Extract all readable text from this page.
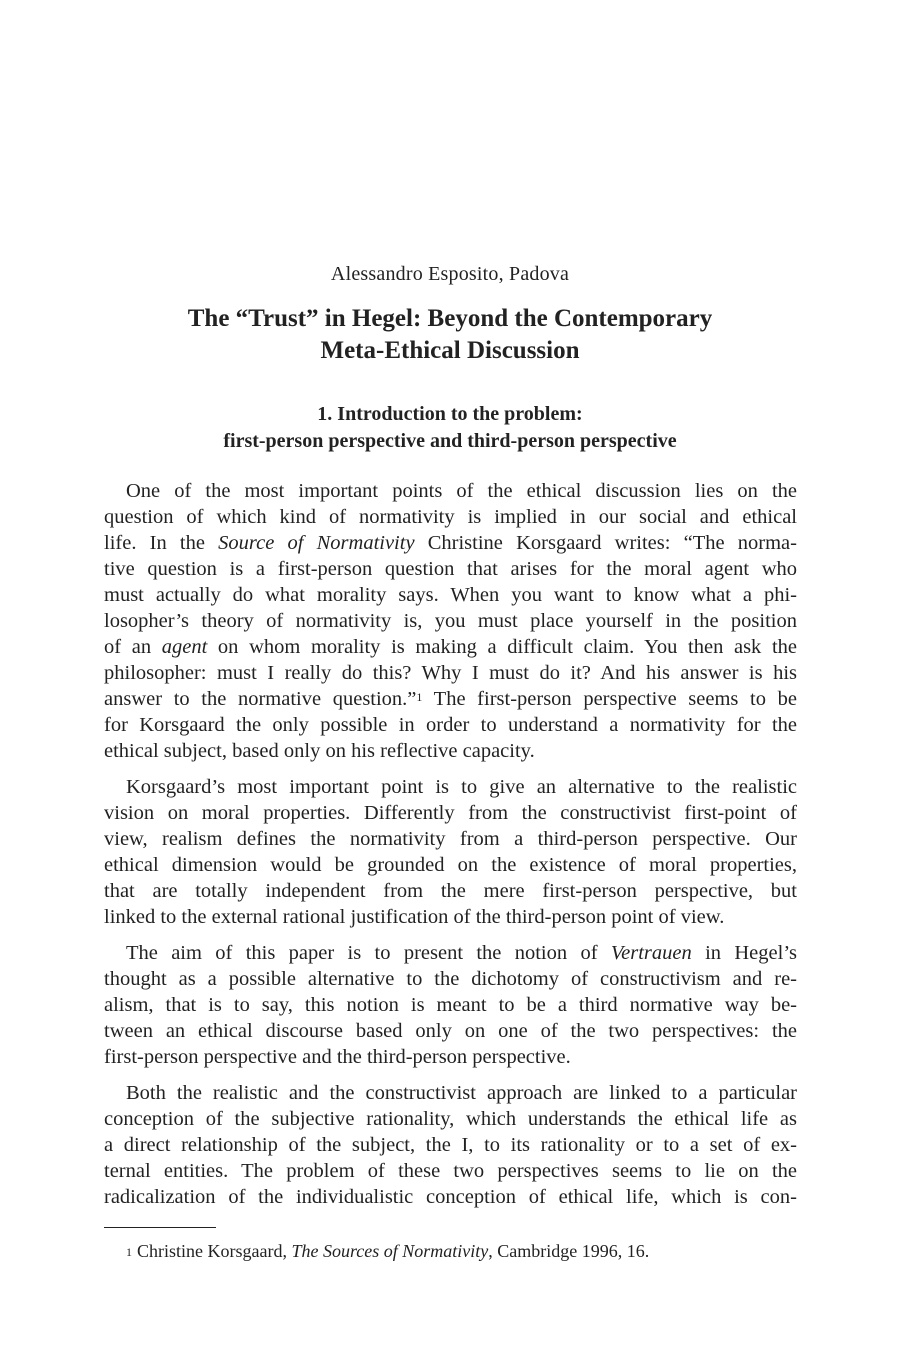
Alessandro Esposito, Padova
The “Trust” in Hegel: Beyond the Contemporary
Meta-Ethical Discussion
1. Introduction to the problem:
first-person perspective and third-person perspective
One of the most important points of the ethical discussion lies on the
question of which kind of normativity is implied in our social and ethical
life. In the Source of Normativity Christine Korsgaard writes: “The norma-
tive question is a first-person question that arises for the moral agent who
must actually do what morality says. When you want to know what a phi-
losopher’s theory of normativity is, you must place yourself in the position
of an agent on whom morality is making a difficult claim. You then ask the
philosopher: must I really do this? Why I must do it? And his answer is his
answer to the normative question.”$^1$ The first-person perspective seems to be
for Korsgaard the only possible in order to understand a normativity for the
ethical subject, based only on his reflective capacity.
Korsgaard’s most important point is to give an alternative to the realistic
vision on moral properties. Differently from the constructivist first-point of
view, realism defines the normativity from a third-person perspective. Our
ethical dimension would be grounded on the existence of moral properties,
that are totally independent from the mere first-person perspective, but
linked to the external rational justification of the third-person point of view.
The aim of this paper is to present the notion of Vertrauen in Hegel’s
thought as a possible alternative to the dichotomy of constructivism and re-
alism, that is to say, this notion is meant to be a third normative way be-
tween an ethical discourse based only on one of the two perspectives: the
first-person perspective and the third-person perspective.
Both the realistic and the constructivist approach are linked to a particular
conception of the subjective rationality, which understands the ethical life as
a direct relationship of the subject, the I, to its rationality or to a set of ex-
ternal entities. The problem of these two perspectives seems to lie on the
radicalization of the individualistic conception of ethical life, which is con-
$^1$ Christine Korsgaard, The Sources of Normativity, Cambridge 1996, 16.
